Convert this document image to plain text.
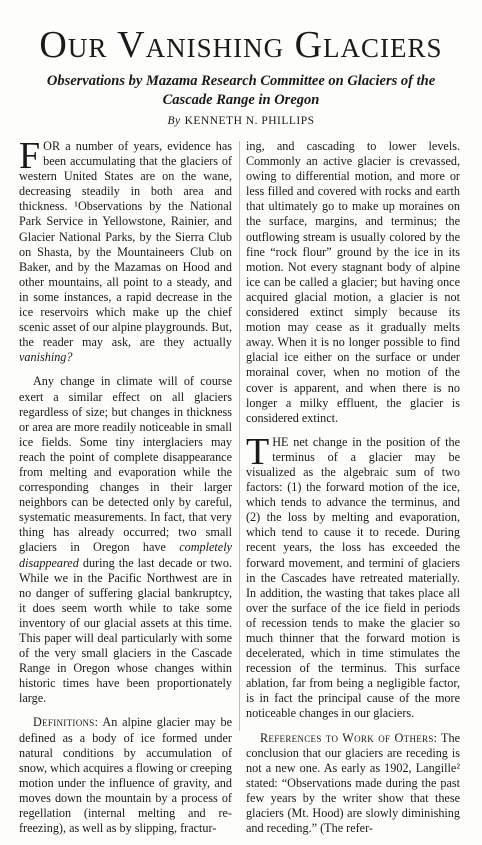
Our Vanishing Glaciers
Observations by Mazama Research Committee on Glaciers of the Cascade Range in Oregon
By KENNETH N. PHILLIPS

FOR a number of years, evidence has been accumulating that the glaciers of western United States are on the wane, decreasing steadily in both area and thickness. ¹Observations by the National Park Service in Yellowstone, Rainier, and Glacier National Parks, by the Sierra Club on Shasta, by the Mountaineers Club on Baker, and by the Mazamas on Hood and other mountains, all point to a steady, and in some instances, a rapid decrease in the ice reservoirs which make up the chief scenic asset of our alpine playgrounds. But, the reader may ask, are they actually vanishing?

Any change in climate will of course exert a similar effect on all glaciers regardless of size; but changes in thickness or area are more readily noticeable in small ice fields. Some tiny interglaciers may reach the point of complete disappearance from melting and evaporation while the corresponding changes in their larger neighbors can be detected only by careful, systematic measurements. In fact, that very thing has already occurred; two small glaciers in Oregon have completely disappeared during the last decade or two. While we in the Pacific Northwest are in no danger of suffering glacial bankruptcy, it does seem worth while to take some inventory of our glacial assets at this time. This paper will deal particularly with some of the very small glaciers in the Cascade Range in Oregon whose changes within historic times have been proportionately large.

Definitions: An alpine glacier may be defined as a body of ice formed under natural conditions by accumulation of snow, which acquires a flowing or creeping motion under the influence of gravity, and moves down the mountain by a process of regellation (internal melting and re-freezing), as well as by slipping, fractur-

ing, and cascading to lower levels. Commonly an active glacier is crevassed, owing to differential motion, and more or less filled and covered with rocks and earth that ultimately go to make up moraines on the surface, margins, and terminus; the outflowing stream is usually colored by the fine “rock flour” ground by the ice in its motion. Not every stagnant body of alpine ice can be called a glacier; but having once acquired glacial motion, a glacier is not considered extinct simply because its motion may cease as it gradually melts away. When it is no longer possible to find glacial ice either on the surface or under morainal cover, when no motion of the cover is apparent, and when there is no longer a milky effluent, the glacier is considered extinct.

THE net change in the position of the terminus of a glacier may be visualized as the algebraic sum of two factors: (1) the forward motion of the ice, which tends to advance the terminus, and (2) the loss by melting and evaporation, which tend to cause it to recede. During recent years, the loss has exceeded the forward movement, and termini of glaciers in the Cascades have retreated materially. In addition, the wasting that takes place all over the surface of the ice field in periods of recession tends to make the glacier so much thinner that the forward motion is decelerated, which in time stimulates the recession of the terminus. This surface ablation, far from being a negligible factor, is in fact the principal cause of the more noticeable changes in our glaciers.

References to Work of Others: The conclusion that our glaciers are receding is not a new one. As early as 1902, Langille² stated: “Observations made during the past few years by the writer show that these glaciers (Mt. Hood) are slowly diminishing and receding.” (The refer-
